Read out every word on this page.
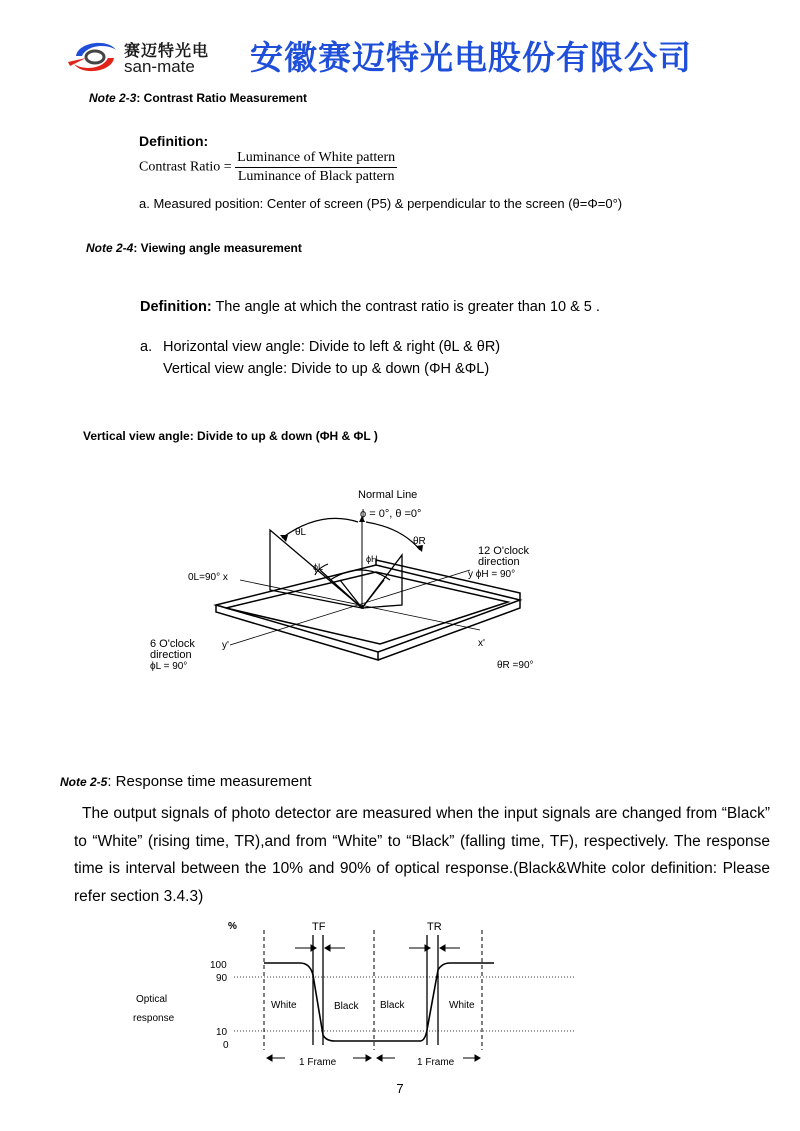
赛迈特光电
san-mate 安徽赛迈特光电股份有限公司
Note 2-3: Contrast Ratio Measurement
Definition:
Contrast Ratio = $\frac{\text{Luminance of White pattern}}{\text{Luminance of Black pattern}}$
a. Measured position: Center of screen (P5) & perpendicular to the screen (θ=Φ=0°)
Note 2-4: Viewing angle measurement
Definition: The angle at which the contrast ratio is greater than 10 & 5 .
a. Horizontal view angle: Divide to left & right (θL & θR)
Vertical view angle: Divide to up & down (ΦH &ΦL)
Vertical view angle: Divide to up & down (ΦH & ΦL )
Normal Line
ϕ = 0°, θ =0°
θL
θR
ϕH
ϕL
0L=90° x
12 O'clock
direction
y ϕH = 90°
6 O'clock
direction
ϕL = 90°
y'	x'
θR =90°
Note 2-5: Response time measurement
The output signals of photo detector are measured when the input signals are changed from “Black” to “White” (rising time, TR),and from “White” to “Black” (falling time, TF), respectively. The response time is interval between the 10% and 90% of optical response.(Black&White color definition: Please refer section 3.4.3)
%	TF	TR
100
90
10
0
Optical
response
White	Black Black	White
1 Frame	1 Frame
7
